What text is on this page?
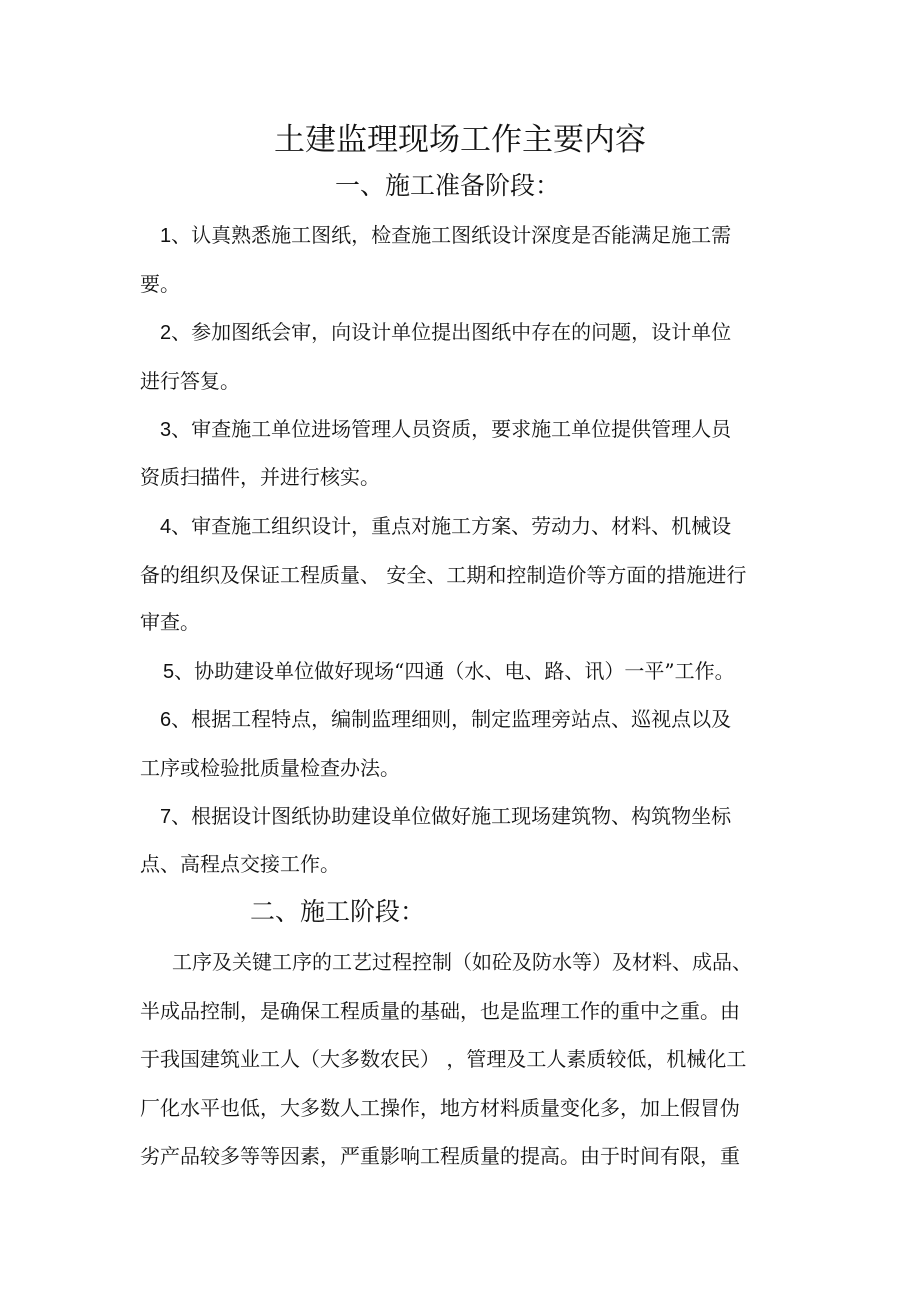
土建监理现场工作主要内容
一、施工准备阶段：
1、认真熟悉施工图纸，检查施工图纸设计深度是否能满足施工需
要。
2、参加图纸会审，向设计单位提出图纸中存在的问题，设计单位
进行答复。
3、审查施工单位进场管理人员资质，要求施工单位提供管理人员
资质扫描件，并进行核实。
4、审查施工组织设计，重点对施工方案、劳动力、材料、机械设
备的组织及保证工程质量、 安全、工期和控制造价等方面的措施进行
审查。
5、协助建设单位做好现场“四通（水、电、路、讯）一平”工作。
6、根据工程特点，编制监理细则，制定监理旁站点、巡视点以及
工序或检验批质量检查办法。
7、根据设计图纸协助建设单位做好施工现场建筑物、构筑物坐标
点、高程点交接工作。
二、施工阶段：
工序及关键工序的工艺过程控制（如砼及防水等）及材料、成品、
半成品控制，是确保工程质量的基础，也是监理工作的重中之重。由
于我国建筑业工人（大多数农民） ，管理及工人素质较低，机械化工
厂化水平也低，大多数人工操作，地方材料质量变化多，加上假冒伪
劣产品较多等等因素，严重影响工程质量的提高。由于时间有限，重
